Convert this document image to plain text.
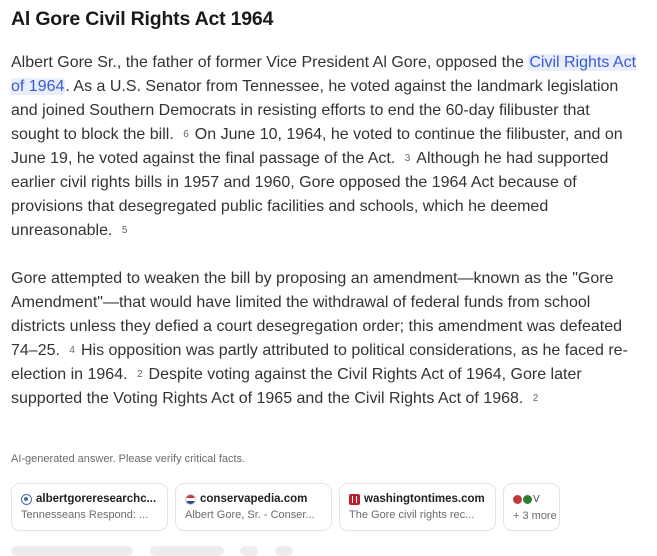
Al Gore Civil Rights Act 1964

Albert Gore Sr., the father of former Vice President Al Gore, opposed the Civil Rights Act of 1964. As a U.S. Senator from Tennessee, he voted against the landmark legislation and joined Southern Democrats in resisting efforts to end the 60-day filibuster that sought to block the bill. 6 On June 10, 1964, he voted to continue the filibuster, and on June 19, he voted against the final passage of the Act. 3 Although he had supported earlier civil rights bills in 1957 and 1960, Gore opposed the 1964 Act because of provisions that desegregated public facilities and schools, which he deemed unreasonable. 5

Gore attempted to weaken the bill by proposing an amendment—known as the "Gore Amendment"—that would have limited the withdrawal of federal funds from school districts unless they defied a court desegregation order; this amendment was defeated 74–25. 4 His opposition was partly attributed to political considerations, as he faced re-election in 1964. 2 Despite voting against the Civil Rights Act of 1964, Gore later supported the Voting Rights Act of 1965 and the Civil Rights Act of 1968. 2

AI-generated answer. Please verify critical facts.
albertgoreresearchc...
Tennesseans Respond: ...
conservapedia.com
Albert Gore, Sr. - Conser...
washingtontimes.com
The Gore civil rights rec...
V
+ 3 more
